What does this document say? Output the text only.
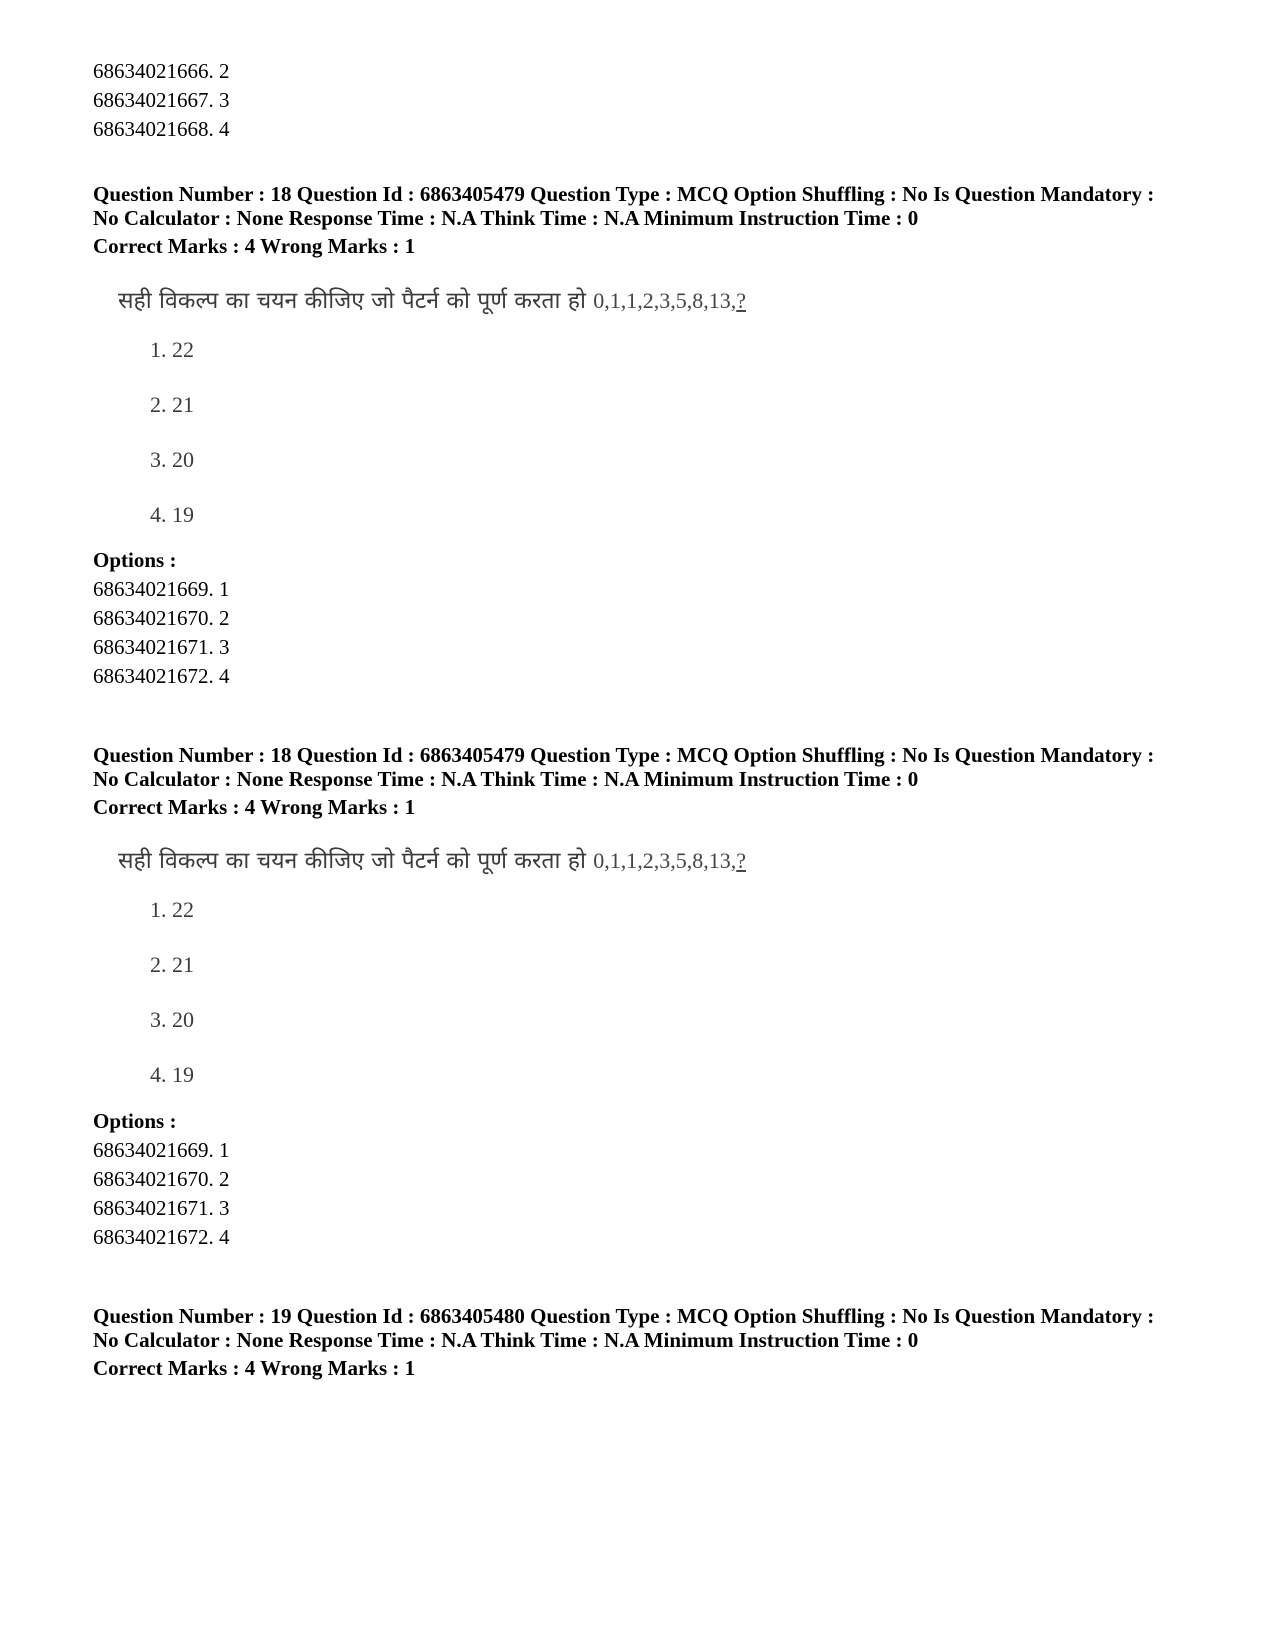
68634021666. 2
68634021667. 3
68634021668. 4
Question Number : 18 Question Id : 6863405479 Question Type : MCQ Option Shuffling : No Is Question Mandatory :
No Calculator : None Response Time : N.A Think Time : N.A Minimum Instruction Time : 0
Correct Marks : 4 Wrong Marks : 1
सही विकल्प का चयन कीजिए जो पैटर्न को पूर्ण करता हो 0,1,1,2,3,5,8,13,?
1. 22
2. 21
3. 20
4. 19
Options :
68634021669. 1
68634021670. 2
68634021671. 3
68634021672. 4
Question Number : 18 Question Id : 6863405479 Question Type : MCQ Option Shuffling : No Is Question Mandatory :
No Calculator : None Response Time : N.A Think Time : N.A Minimum Instruction Time : 0
Correct Marks : 4 Wrong Marks : 1
सही विकल्प का चयन कीजिए जो पैटर्न को पूर्ण करता हो 0,1,1,2,3,5,8,13,?
1. 22
2. 21
3. 20
4. 19
Options :
68634021669. 1
68634021670. 2
68634021671. 3
68634021672. 4
Question Number : 19 Question Id : 6863405480 Question Type : MCQ Option Shuffling : No Is Question Mandatory :
No Calculator : None Response Time : N.A Think Time : N.A Minimum Instruction Time : 0
Correct Marks : 4 Wrong Marks : 1
